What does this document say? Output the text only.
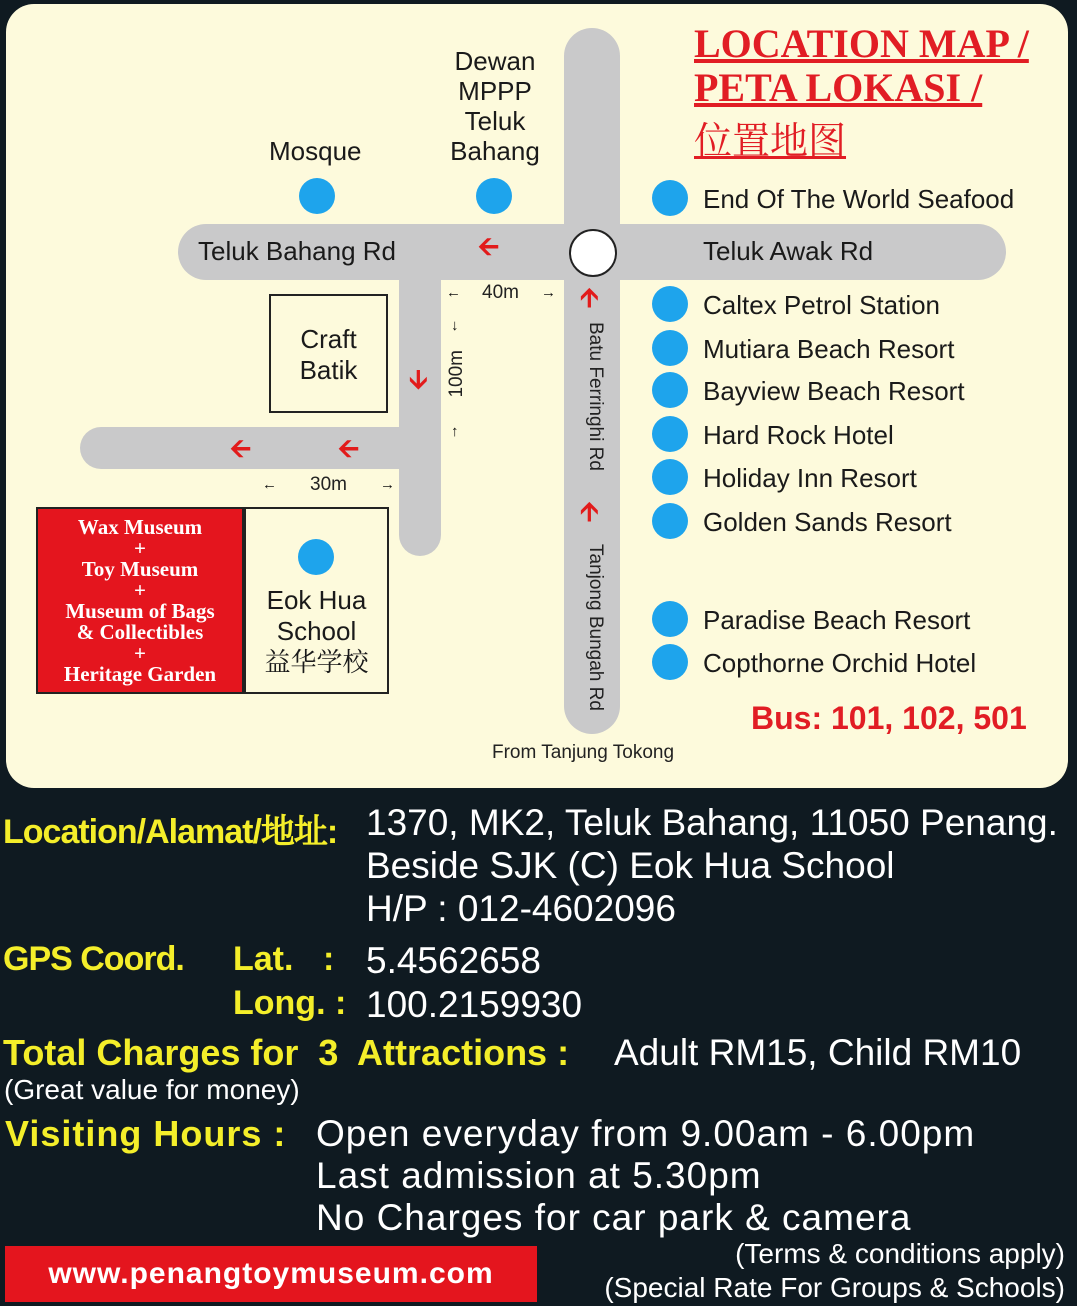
LOCATION MAP /
PETA LOKASI /
位置地图
Teluk Bahang Rd	Teluk Awak Rd
Batu Ferringhi Rd
Tanjong Bungah Rd
From Tanjung Tokong
Mosque
Dewan
MPPP
Teluk
Bahang
End Of The World Seafood
Caltex Petrol Station
Mutiara Beach Resort
Bayview Beach Resort
Hard Rock Hotel
Holiday Inn Resort
Golden Sands Resort
Paradise Beach Resort
Copthorne Orchid Hotel
Craft
Batik
Wax Museum
+
Toy Museum
+
Museum of Bags
& Collectibles
+
Heritage Garden
Eok Hua
School
益华学校
🡨
🡩
🡩
🡫
🡨
🡨
← 40m →
↓
100m
↑
← 30m →
Bus: 101, 102, 501
Location/Alamat/地址: 1370, MK2, Teluk Bahang, 11050 Penang.
Beside SJK (C) Eok Hua School
H/P : 012-4602096
GPS Coord. Lat. : 5.4562658
Long. : 100.2159930
Total Charges for  3  Attractions : Adult RM15, Child RM10
(Great value for money)
Visiting Hours : Open everyday from 9.00am - 6.00pm
Last admission at 5.30pm
No Charges for car park & camera
(Terms & conditions apply)
(Special Rate For Groups & Schools)
www.penangtoymuseum.com
